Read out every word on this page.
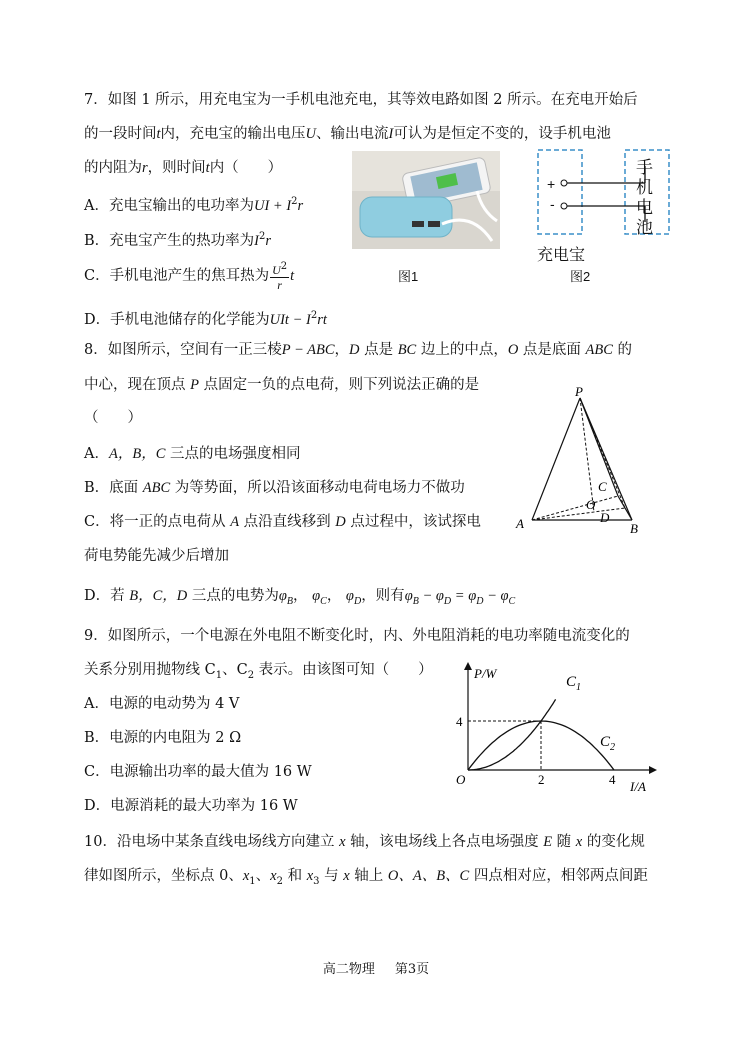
7．如图 1 所示，用充电宝为一手机电池充电，其等效电路如图 2 所示。在充电开始后
的一段时间t内，充电宝的输出电压U、输出电流I可认为是恒定不变的，设手机电池
的内阻为r，则时间t内（　　）
A．充电宝输出的电功率为UI + $I^2r$
B．充电宝产生的热功率为$I^2r$
C．手机电池产生的焦耳热为 $\frac{U^2}{r}$ t
D．手机电池储存的化学能为UIt − $I^2rt$
图1
+
-
手
机
电
池
充电宝
图2
8．如图所示，空间有一正三棱P − ABC，D 点是 BC 边上的中点，O 点是底面 ABC 的
中心，现在顶点 P 点固定一负的点电荷，则下列说法正确的是
（　　）
A．A，B，C 三点的电场强度相同
B．底面 ABC 为等势面，所以沿该面移动电荷电场力不做功
C．将一正的点电荷从 A 点沿直线移到 D 点过程中，该试探电
荷电势能先减少后增加
D．若 B，C，D 三点的电势为$\varphi_B$， $\varphi_C$， $\varphi_D$，则有$\varphi_B - \varphi_D = \varphi_D - \varphi_C$
P
A	B
C
O
D
9．如图所示，一个电源在外电阻不断变化时，内、外电阻消耗的电功率随电流变化的
关系分别用抛物线 $C_1$、$C_2$ 表示。由该图可知（　　）
A．电源的电动势为 4 V
B．电源的内电阻为 2 Ω
C．电源输出功率的最大值为 16 W
D．电源消耗的最大功率为 16 W
P/W
I/A
O
4
2	4
$C_1$
$C_2$
10．沿电场中某条直线电场线方向建立 x 轴，该电场线上各点电场强度 E 随 x 的变化规
律如图所示，坐标点 0、$x_1$、$x_2$ 和 $x_3$ 与 x 轴上 O、A、B、C 四点相对应，相邻两点间距
高二物理 第3页
